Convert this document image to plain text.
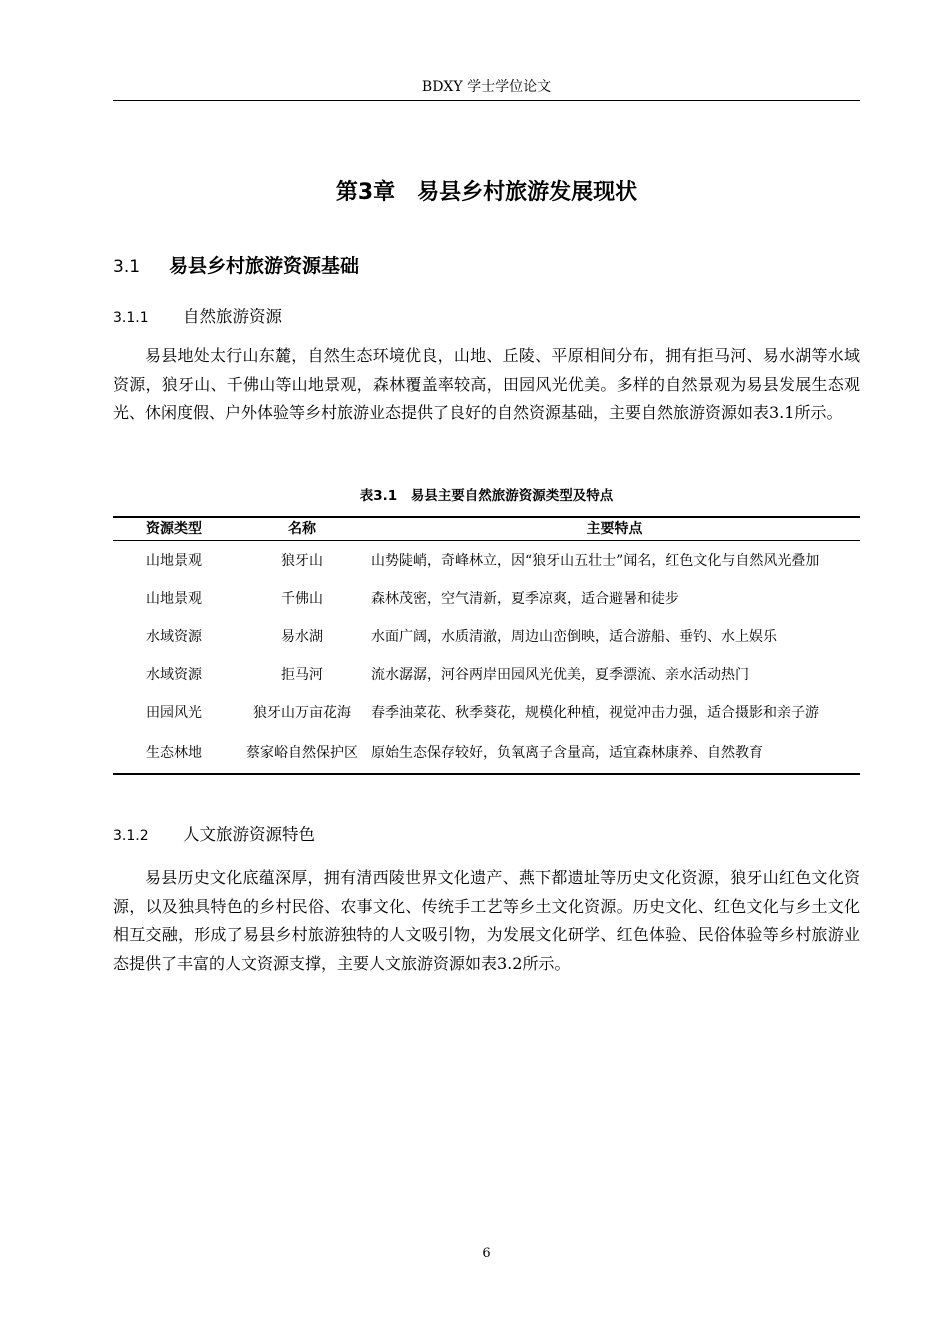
BDXY 学士学位论文
第3章　易县乡村旅游发展现状
3.1 易县乡村旅游资源基础
3.1.1 自然旅游资源

易县地处太行山东麓，自然生态环境优良，山地、丘陵、平原相间分布，拥有拒马河、易水湖等水域资源，狼牙山、千佛山等山地景观，森林覆盖率较高，田园风光优美。多样的自然景观为易县发展生态观光、休闲度假、户外体验等乡村旅游业态提供了良好的自然资源基础，主要自然旅游资源如表3.1所示。

表3.1　易县主要自然旅游资源类型及特点
资源类型	名称	主要特点
山地景观	狼牙山	山势陡峭，奇峰林立，因“狼牙山五壮士”闻名，红色文化与自然风光叠加
山地景观	千佛山	森林茂密，空气清新，夏季凉爽，适合避暑和徒步
水域资源	易水湖	水面广阔，水质清澈，周边山峦倒映，适合游船、垂钓、水上娱乐
水域资源	拒马河	流水潺潺，河谷两岸田园风光优美，夏季漂流、亲水活动热门
田园风光	狼牙山万亩花海	春季油菜花、秋季葵花，规模化种植，视觉冲击力强，适合摄影和亲子游
生态林地	蔡家峪自然保护区	原始生态保存较好，负氧离子含量高，适宜森林康养、自然教育
3.1.2 人文旅游资源特色

易县历史文化底蕴深厚，拥有清西陵世界文化遗产、燕下都遗址等历史文化资源，狼牙山红色文化资源，以及独具特色的乡村民俗、农事文化、传统手工艺等乡土文化资源。历史文化、红色文化与乡土文化相互交融，形成了易县乡村旅游独特的人文吸引物，为发展文化研学、红色体验、民俗体验等乡村旅游业态提供了丰富的人文资源支撑，主要人文旅游资源如表3.2所示。

6
